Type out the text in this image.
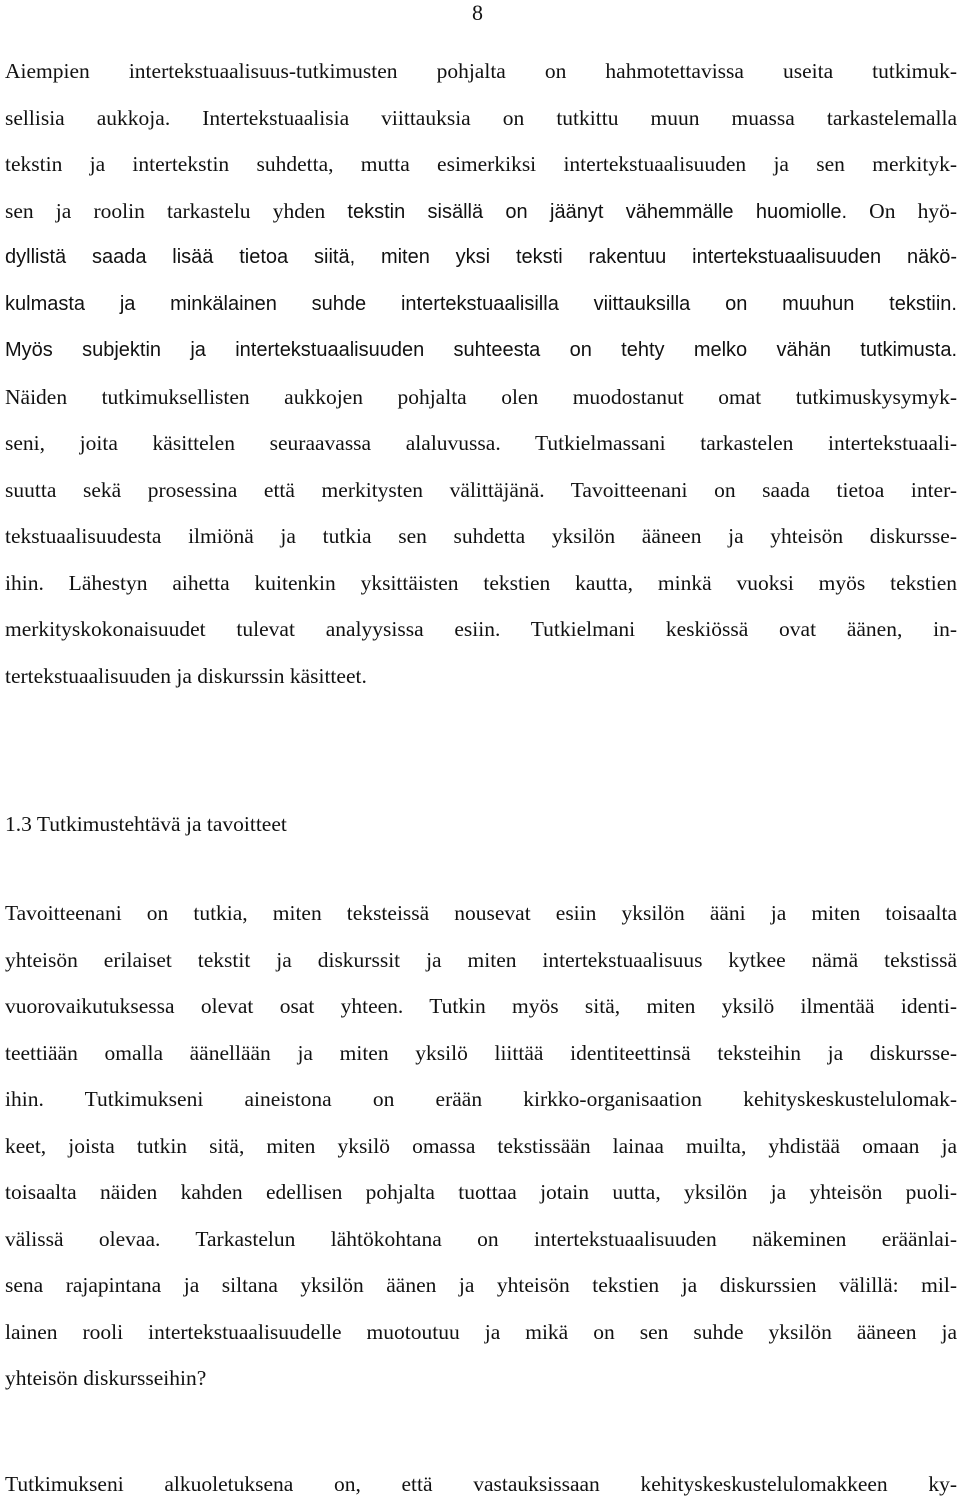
8
Aiempien intertekstuaalisuus-tutkimusten pohjalta on hahmotettavissa useita tutkimuk-
sellisia aukkoja. Intertekstuaalisia viittauksia on tutkittu muun muassa tarkastelemalla
tekstin ja intertekstin suhdetta, mutta esimerkiksi intertekstuaalisuuden ja sen merkityk-
sen ja roolin tarkastelu yhden tekstin sisällä on jäänyt vähemmälle huomiolle. On hyö-
dyllistä saada lisää tietoa siitä, miten yksi teksti rakentuu intertekstuaalisuuden näkö-
kulmasta ja minkälainen suhde intertekstuaalisilla viittauksilla on muuhun tekstiin.
Myös subjektin ja intertekstuaalisuuden suhteesta on tehty melko vähän tutkimusta.
Näiden tutkimuksellisten aukkojen pohjalta olen muodostanut omat tutkimuskysymyk-
seni, joita käsittelen seuraavassa alaluvussa. Tutkielmassani tarkastelen intertekstuaali-
suutta sekä prosessina että merkitysten välittäjänä. Tavoitteenani on saada tietoa inter-
tekstuaalisuudesta ilmiönä ja tutkia sen suhdetta yksilön ääneen ja yhteisön diskursse-
ihin. Lähestyn aihetta kuitenkin yksittäisten tekstien kautta, minkä vuoksi myös tekstien
merkityskokonaisuudet tulevat analyysissa esiin. Tutkielmani keskiössä ovat äänen, in-
tertekstuaalisuuden ja diskurssin käsitteet.
1.3 Tutkimustehtävä ja tavoitteet
Tavoitteenani on tutkia, miten teksteissä nousevat esiin yksilön ääni ja miten toisaalta
yhteisön erilaiset tekstit ja diskurssit ja miten intertekstuaalisuus kytkee nämä tekstissä
vuorovaikutuksessa olevat osat yhteen. Tutkin myös sitä, miten yksilö ilmentää identi-
teettiään omalla äänellään ja miten yksilö liittää identiteettinsä teksteihin ja diskursse-
ihin. Tutkimukseni aineistona on erään kirkko-organisaation kehityskeskustelulomak-
keet, joista tutkin sitä, miten yksilö omassa tekstissään lainaa muilta, yhdistää omaan ja
toisaalta näiden kahden edellisen pohjalta tuottaa jotain uutta, yksilön ja yhteisön puoli-
välissä olevaa. Tarkastelun lähtökohtana on intertekstuaalisuuden näkeminen eräänlai-
sena rajapintana ja siltana yksilön äänen ja yhteisön tekstien ja diskurssien välillä: mil-
lainen rooli intertekstuaalisuudelle muotoutuu ja mikä on sen suhde yksilön ääneen ja
yhteisön diskursseihin?
Tutkimukseni alkuoletuksena on, että vastauksissaan kehityskeskustelulomakkeen ky-
